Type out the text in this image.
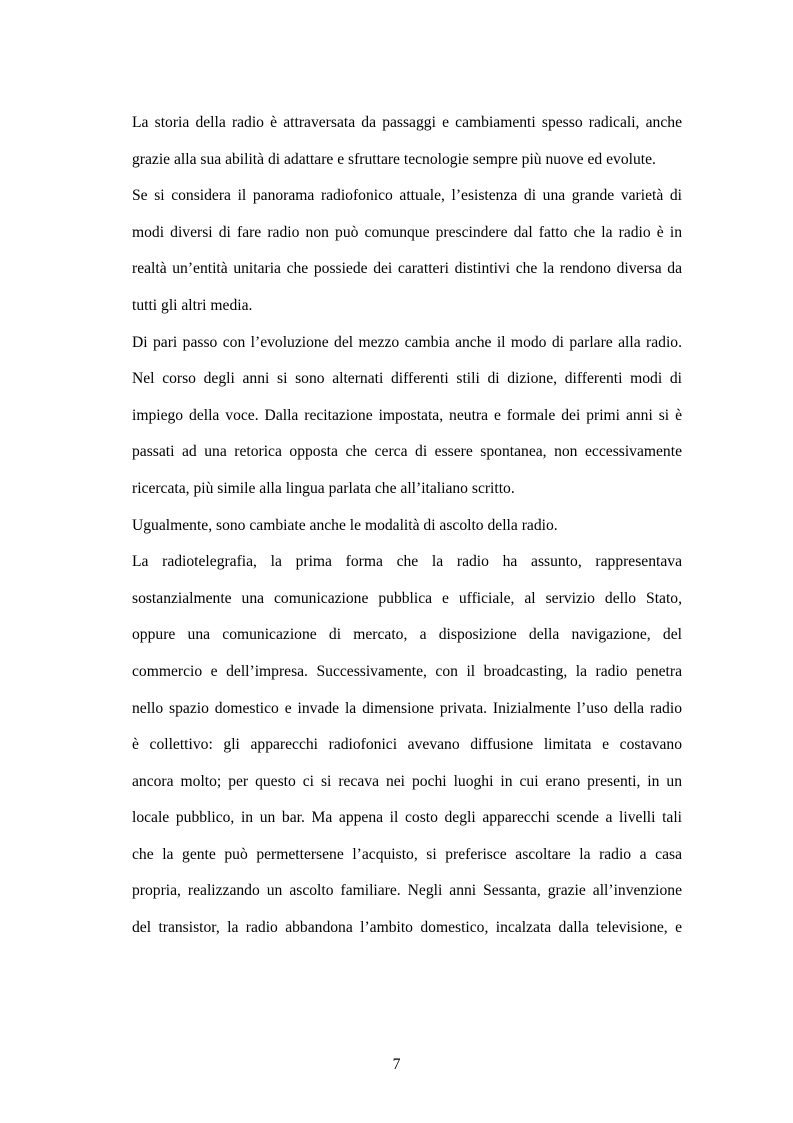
La storia della radio è attraversata da passaggi e cambiamenti spesso radicali, anche
grazie alla sua abilità di adattare e sfruttare tecnologie sempre più nuove ed evolute.

Se si considera il panorama radiofonico attuale, l’esistenza di una grande varietà di
modi diversi di fare radio non può comunque prescindere dal fatto che la radio è in
realtà un’entità unitaria che possiede dei caratteri distintivi che la rendono diversa da
tutti gli altri media.

Di pari passo con l’evoluzione del mezzo cambia anche il modo di parlare alla radio.
Nel corso degli anni si sono alternati differenti stili di dizione, differenti modi di
impiego della voce. Dalla recitazione impostata, neutra e formale dei primi anni si è
passati ad una retorica opposta che cerca di essere spontanea, non eccessivamente
ricercata, più simile alla lingua parlata che all’italiano scritto.

Ugualmente, sono cambiate anche le modalità di ascolto della radio.

La radiotelegrafia, la prima forma che la radio ha assunto, rappresentava
sostanzialmente una comunicazione pubblica e ufficiale, al servizio dello Stato,
oppure una comunicazione di mercato, a disposizione della navigazione, del
commercio e dell’impresa. Successivamente, con il broadcasting, la radio penetra
nello spazio domestico e invade la dimensione privata. Inizialmente l’uso della radio
è collettivo: gli apparecchi radiofonici avevano diffusione limitata e costavano
ancora molto; per questo ci si recava nei pochi luoghi in cui erano presenti, in un
locale pubblico, in un bar. Ma appena il costo degli apparecchi scende a livelli tali
che la gente può permettersene l’acquisto, si preferisce ascoltare la radio a casa
propria, realizzando un ascolto familiare. Negli anni Sessanta, grazie all’invenzione
del transistor, la radio abbandona l’ambito domestico, incalzata dalla televisione, e

7
